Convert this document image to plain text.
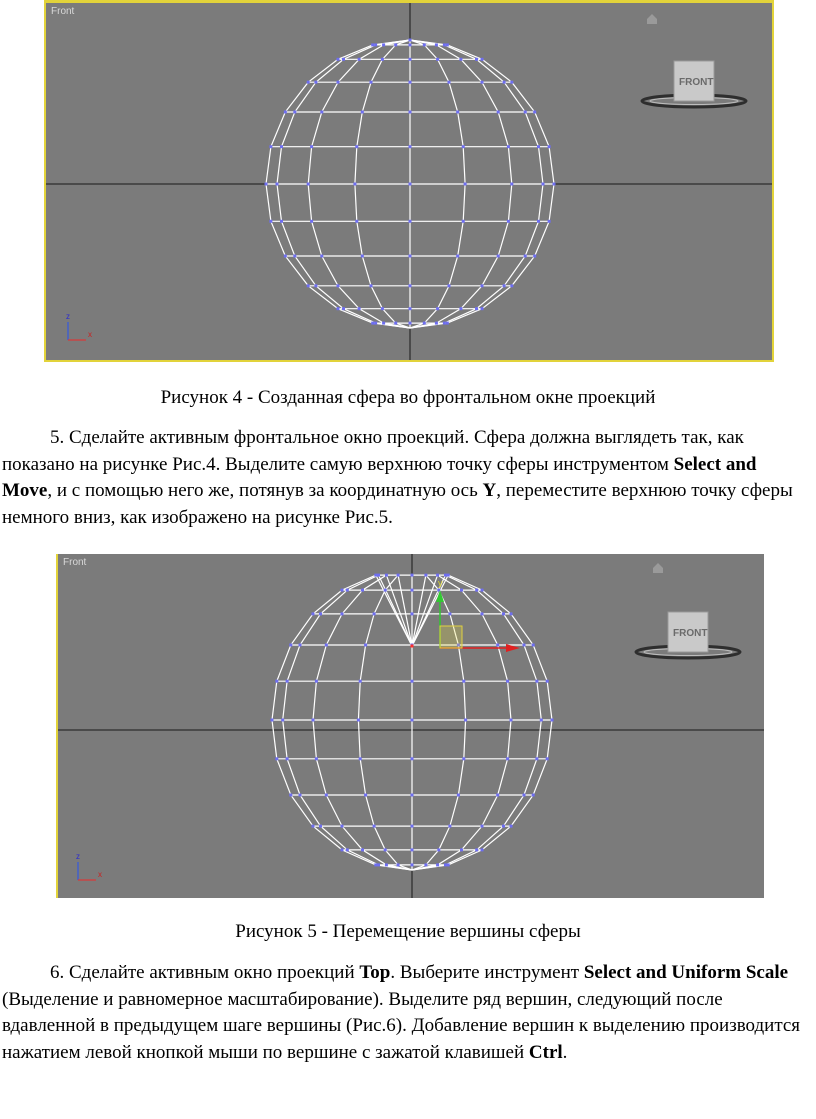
FRONT
z
x
Front
Рисунок 4 - Созданная сфера во фронтальном окне проекций

5. Сделайте активным фронтальное окно проекций. Сфера должна выглядеть так, как показано на рисунке Рис.4. Выделите самую верхнюю точку сферы инструментом Select and Move, и с помощью него же, потянув за координатную ось Y, переместите верхнюю точку сферы немного вниз, как изображено на рисунке Рис.5.

FRONT
z
x
y
Front
Рисунок 5 - Перемещение вершины сферы

6. Сделайте активным окно проекций Top. Выберите инструмент Select and Uniform Scale (Выделение и равномерное масштабирование). Выделите ряд вершин, следующий после вдавленной в предыдущем шаге вершины (Рис.6). Добавление вершин к выделению производится нажатием левой кнопкой мыши по вершине с зажатой клавишей Ctrl.
